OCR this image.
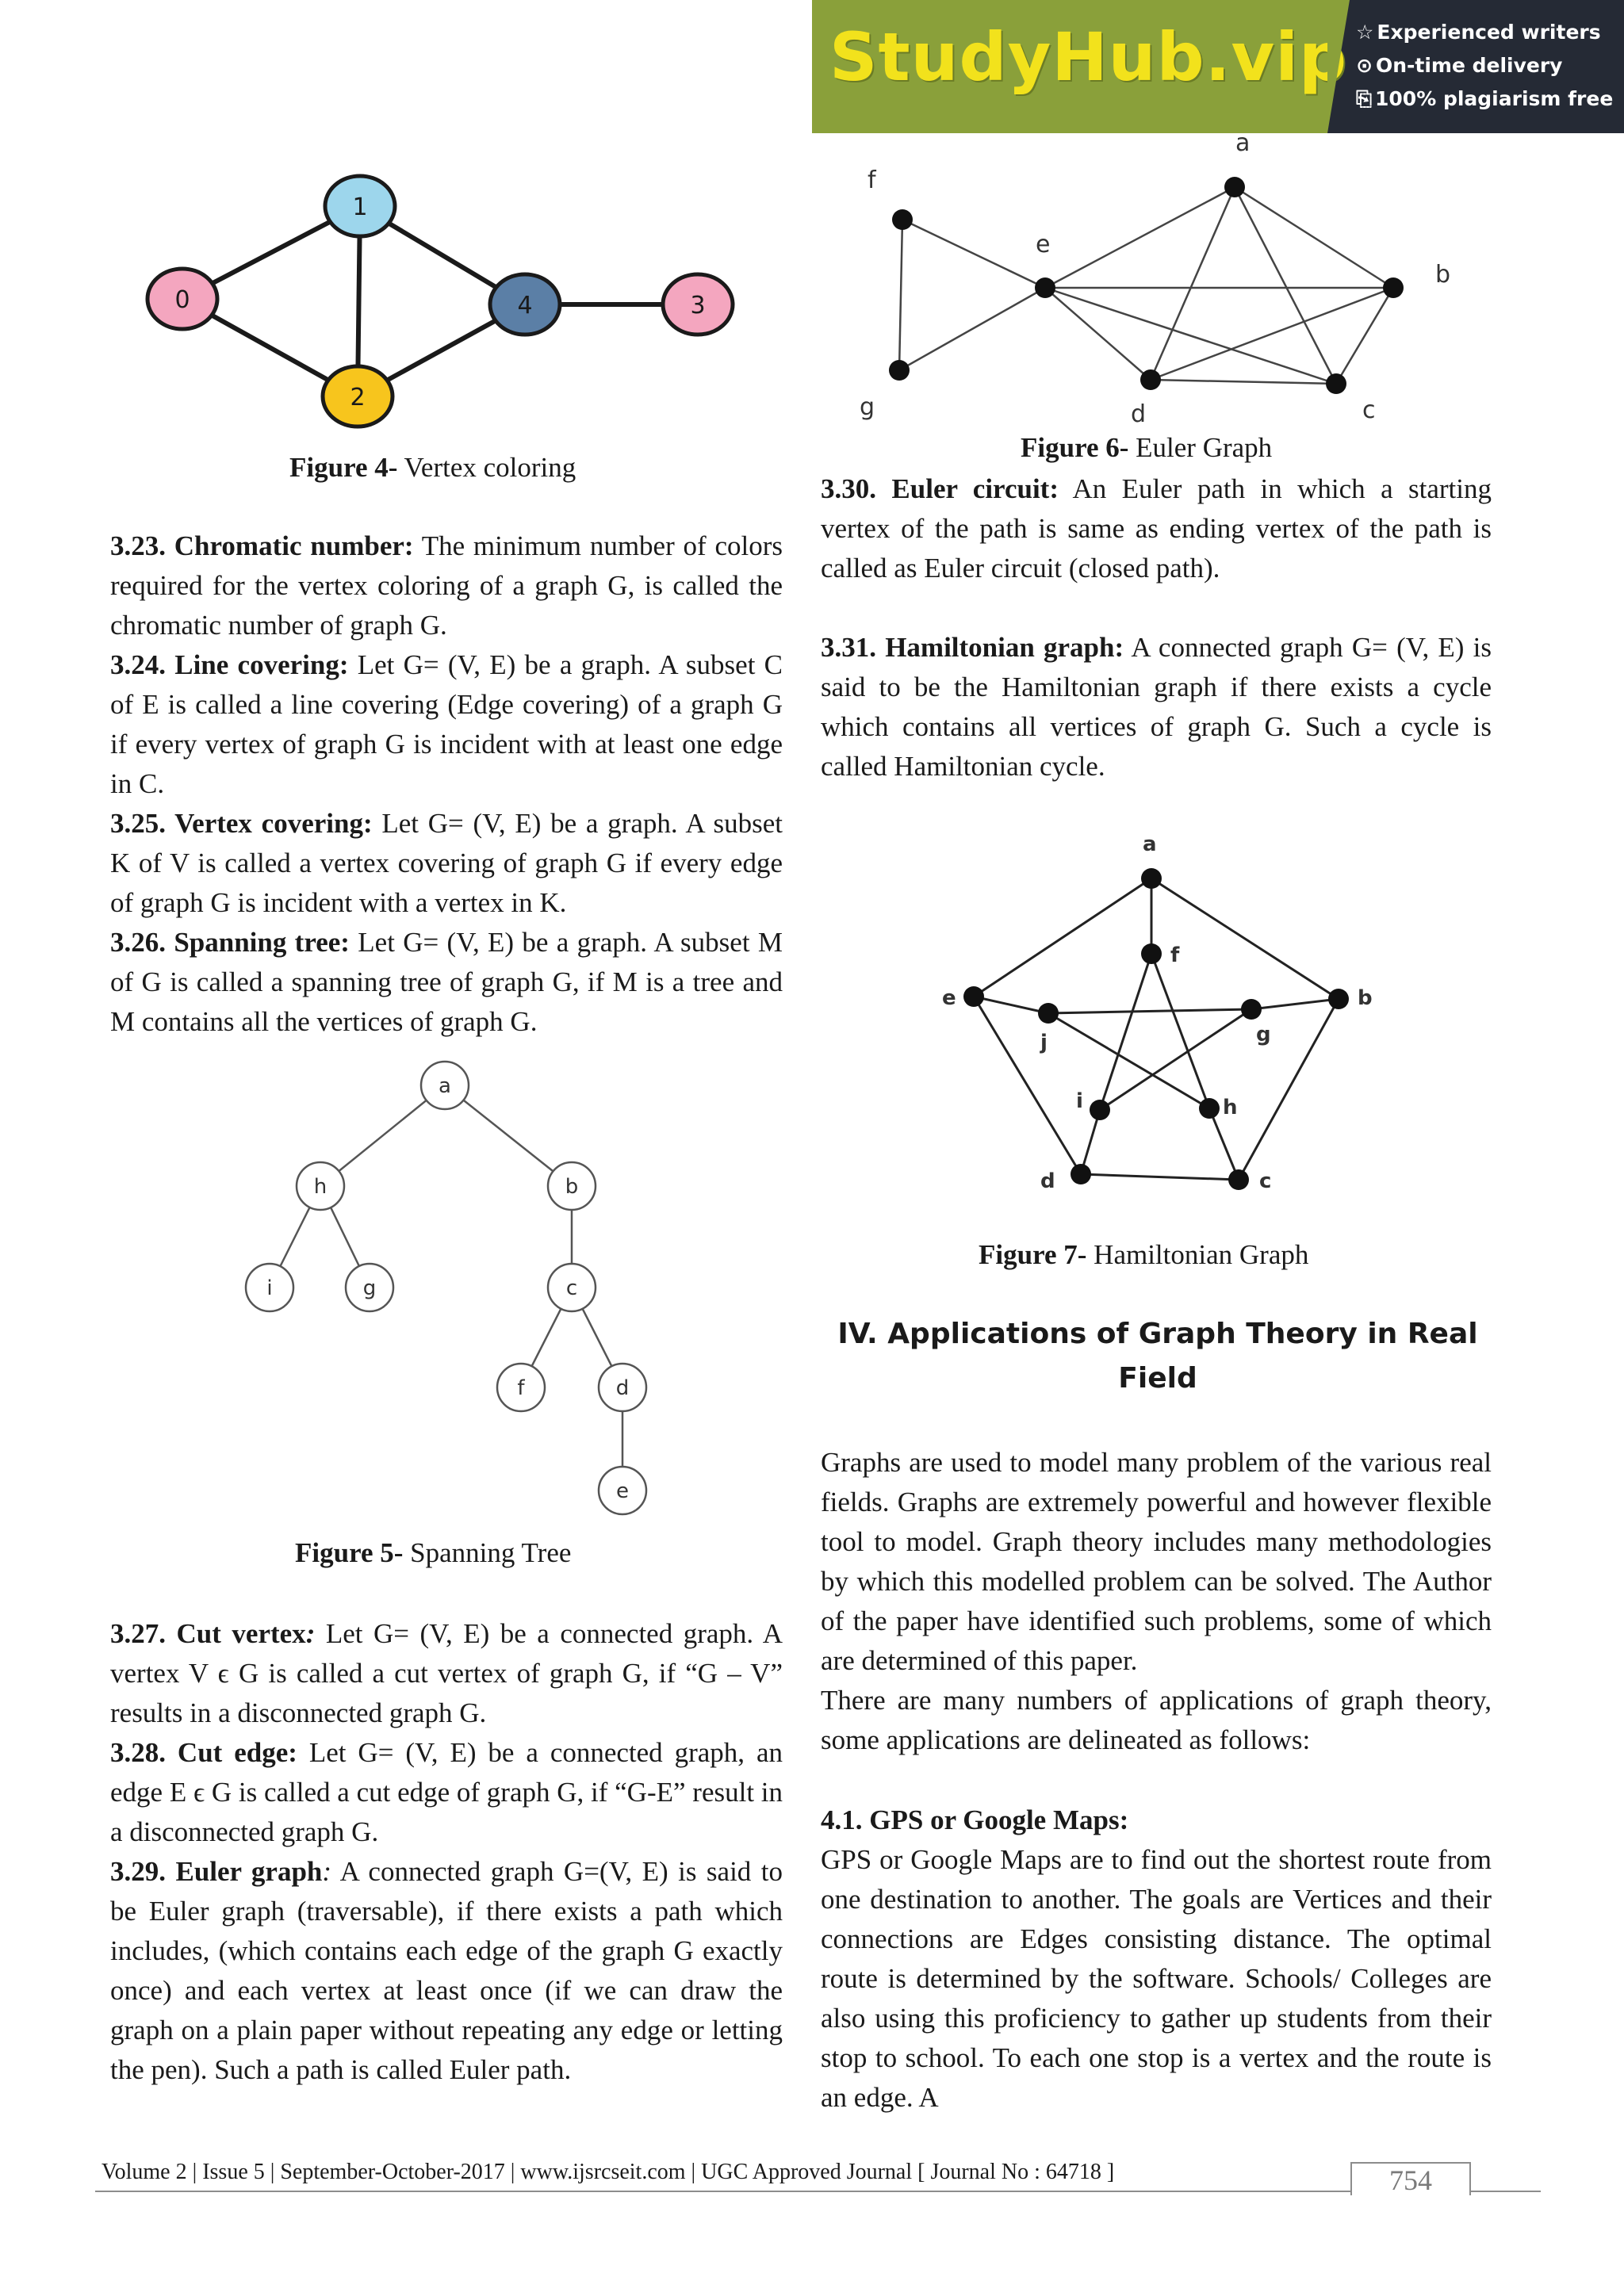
StudyHub.vip ☆ Experienced writers
⊙ On-time delivery
⎘ 100% plagiarism free
0
1
2
3
4
Figure 4- Vertex coloring
3.23. Chromatic number: The minimum number of colors required for the vertex coloring of a graph G, is called the chromatic number of graph G.
3.24. Line covering: Let G= (V, E) be a graph. A subset C of E is called a line covering (Edge covering) of a graph G if every vertex of graph G is incident with at least one edge in C.
3.25. Vertex covering: Let G= (V, E) be a graph. A subset K of V is called a vertex covering of graph G if every edge of graph G is incident with a vertex in K.
3.26. Spanning tree: Let G= (V, E) be a graph. A subset M of G is called a spanning tree of graph G, if M is a tree and M contains all the vertices of graph G.
a
h	b
i	g	c
f	d
e
Figure 5- Spanning Tree
3.27. Cut vertex: Let G= (V, E) be a connected graph. A vertex V ϵ G is called a cut vertex of graph G, if “G – V” results in a disconnected graph G.
3.28. Cut edge: Let G= (V, E) be a connected graph, an edge E ϵ G is called a cut edge of graph G, if “G-E” result in a disconnected graph G.
3.29. Euler graph: A connected graph G=(V, E) is said to be Euler graph (traversable), if there exists a path which includes, (which contains each edge of the graph G exactly once) and each vertex at least once (if we can draw the graph on a plain paper without repeating any edge or letting the pen). Such a path is called Euler path.
a
b
c
d
e
f
g
Figure 6- Euler Graph
3.30. Euler circuit: An Euler path in which a starting vertex of the path is same as ending vertex of the path is called as Euler circuit (closed path).
3.31. Hamiltonian graph: A connected graph G= (V, E) is said to be the Hamiltonian graph if there exists a cycle which contains all vertices of graph G. Such a cycle is called Hamiltonian cycle.
a
b
c
d
e
f
g
h
i
j
Figure 7- Hamiltonian Graph
IV. Applications of Graph Theory in Real Field
Graphs are used to model many problem of the various real fields. Graphs are extremely powerful and however flexible tool to model. Graph theory includes many methodologies by which this modelled problem can be solved. The Author of the paper have identified such problems, some of which are determined of this paper.
There are many numbers of applications of graph theory, some applications are delineated as follows:
4.1. GPS or Google Maps:
GPS or Google Maps are to find out the shortest route from one destination to another. The goals are Vertices and their connections are Edges consisting distance. The optimal route is determined by the software. Schools/ Colleges are also using this proficiency to gather up students from their stop to school. To each one stop is a vertex and the route is an edge. A
Volume 2 | Issue 5 | September-October-2017 | www.ijsrcseit.com | UGC Approved Journal [ Journal No : 64718 ]	754
